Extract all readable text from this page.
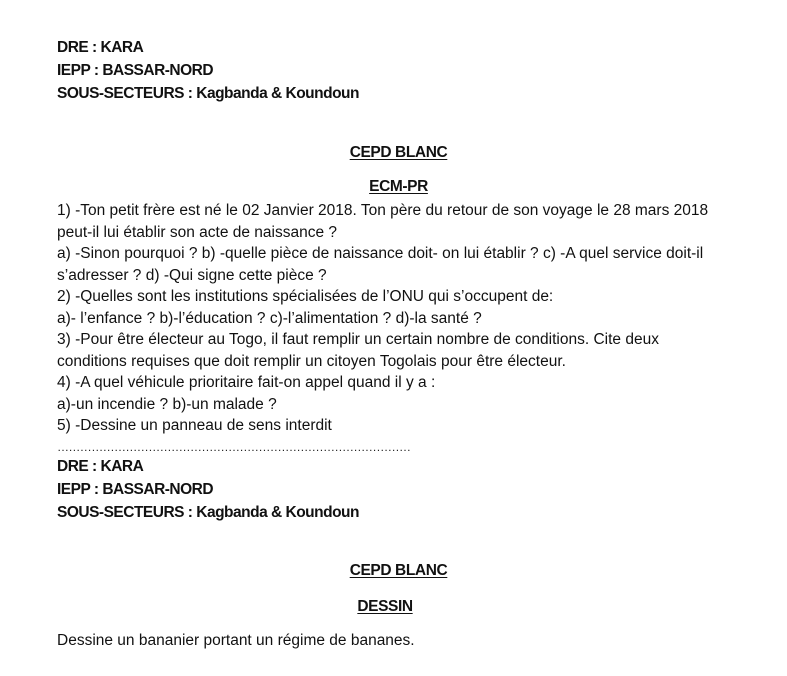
DRE : KARA
IEPP : BASSAR-NORD
SOUS-SECTEURS : Kagbanda & Koundoun
CEPD BLANC
ECM-PR
1) -Ton petit frère est né le 02 Janvier 2018. Ton père du retour de son voyage le 28 mars 2018
peut-il lui établir son acte de naissance ?
a) -Sinon pourquoi ? b) -quelle pièce de naissance doit- on lui établir ? c) -A quel service doit-il
s’adresser ? d) -Qui signe cette pièce ?
2) -Quelles sont les institutions spécialisées de l’ONU qui s’occupent de:
a)- l’enfance ? b)-l’éducation ? c)-l’alimentation ? d)-la santé ?
3) -Pour être électeur au Togo, il faut remplir un certain nombre de conditions. Cite deux
conditions requises que doit remplir un citoyen Togolais pour être électeur.
4) -A quel véhicule prioritaire fait-on appel quand il y a :
a)-un incendie ? b)-un malade ?
5) -Dessine un panneau de sens interdit
…………………………………………………………………………………
DRE : KARA
IEPP : BASSAR-NORD
SOUS-SECTEURS : Kagbanda & Koundoun
CEPD BLANC
DESSIN
Dessine un bananier portant un régime de bananes.
